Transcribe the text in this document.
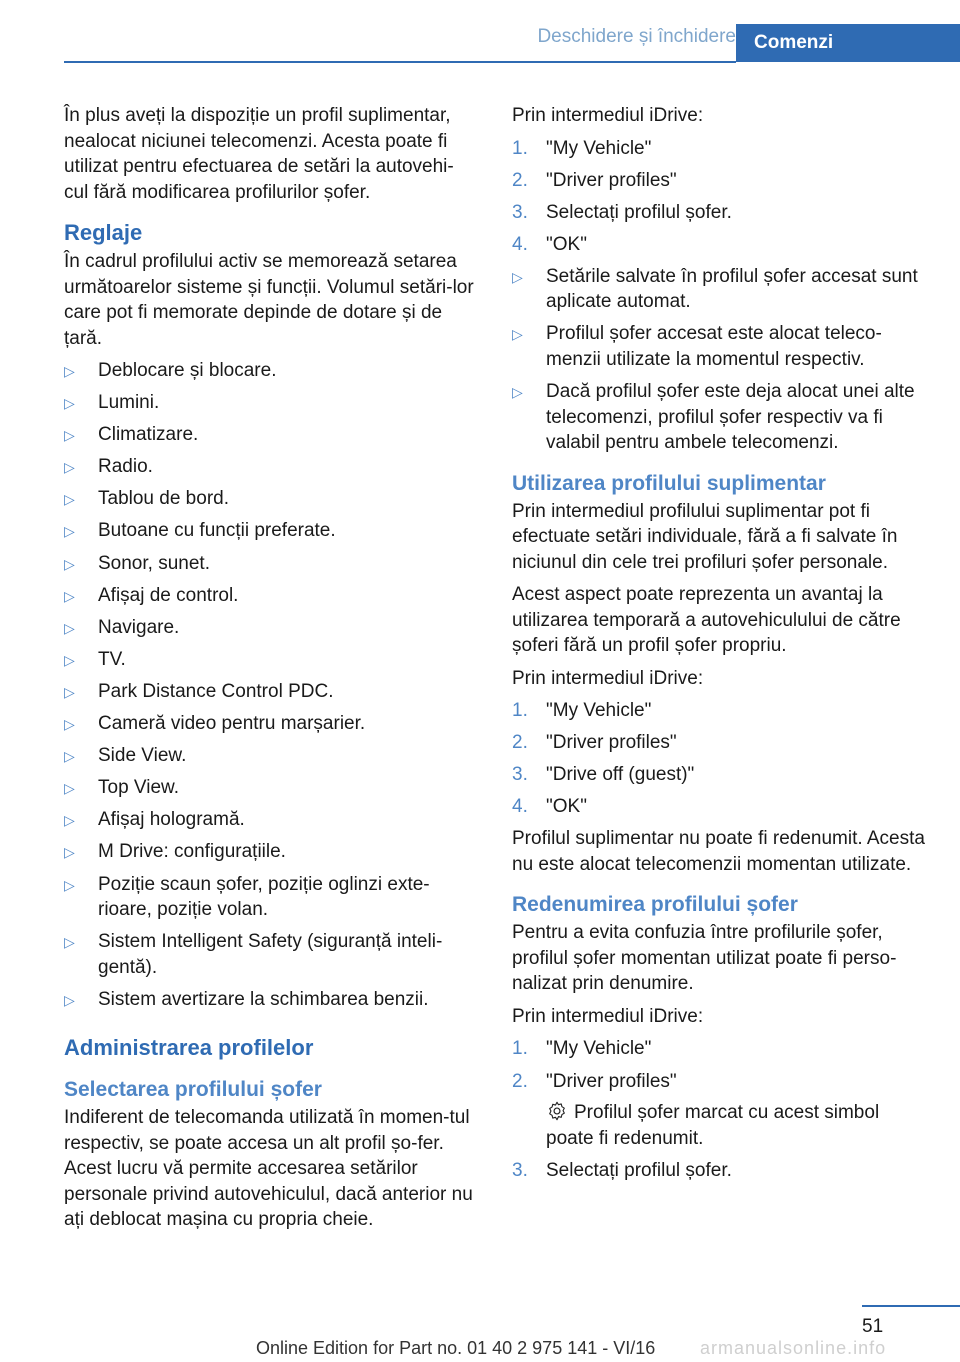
Deschidere și închidere Comenzi

În plus aveți la dispoziție un profil suplimentar, nealocat niciunei telecomenzi. Acesta poate fi utilizat pentru efectuarea de setări la autovehi‐cul fără modificarea profilurilor șofer.

Reglaje

În cadrul profilului activ se memorează setarea următoarelor sisteme și funcții. Volumul setări‐lor care pot fi memorate depinde de dotare și de țară.

▷ Deblocare și blocare.
▷ Lumini.
▷ Climatizare.
▷ Radio.
▷ Tablou de bord.
▷ Butoane cu funcții preferate.
▷ Sonor, sunet.
▷ Afișaj de control.
▷ Navigare.
▷ TV.
▷ Park Distance Control PDC.
▷ Cameră video pentru marșarier.
▷ Side View.
▷ Top View.
▷ Afișaj hologramă.
▷ M Drive: configurațiile.
▷ Poziție scaun șofer, poziție oglinzi exte‐rioare, poziție volan.
▷ Sistem Intelligent Safety (siguranță inteli‐gentă).
▷ Sistem avertizare la schimbarea benzii.
Administrarea profilelor
Selectarea profilului șofer

Indiferent de telecomanda utilizată în momen‐tul respectiv, se poate accesa un alt profil șo‐fer. Acest lucru vă permite accesarea setărilor personale privind autovehiculul, dacă anterior nu ați deblocat mașina cu propria cheie.

Prin intermediul iDrive:

1. "My Vehicle"
2. "Driver profiles"
3. Selectați profilul șofer.
4. "OK"
▷ Setările salvate în profilul șofer accesat sunt aplicate automat.
▷ Profilul șofer accesat este alocat teleco‐menzii utilizate la momentul respectiv.
▷ Dacă profilul șofer este deja alocat unei alte telecomenzi, profilul șofer respectiv va fi valabil pentru ambele telecomenzi.
Utilizarea profilului suplimentar

Prin intermediul profilului suplimentar pot fi efectuate setări individuale, fără a fi salvate în niciunul din cele trei profiluri șofer personale.

Acest aspect poate reprezenta un avantaj la utilizarea temporară a autovehiculului de către șoferi fără un profil șofer propriu.

Prin intermediul iDrive:

1. "My Vehicle"
2. "Driver profiles"
3. "Drive off (guest)"
4. "OK"

Profilul suplimentar nu poate fi redenumit. Acesta nu este alocat telecomenzii momentan utilizate.

Redenumirea profilului șofer

Pentru a evita confuzia între profilurile șofer, profilul șofer momentan utilizat poate fi perso‐nalizat prin denumire.

Prin intermediul iDrive:

1. "My Vehicle"
2. "Driver profiles"
Profilul șofer marcat cu acest simbol poate fi redenumit.
3. Selectați profilul șofer.
51
Online Edition for Part no. 01 40 2 975 141 - VI/16 armanualsonline.info
